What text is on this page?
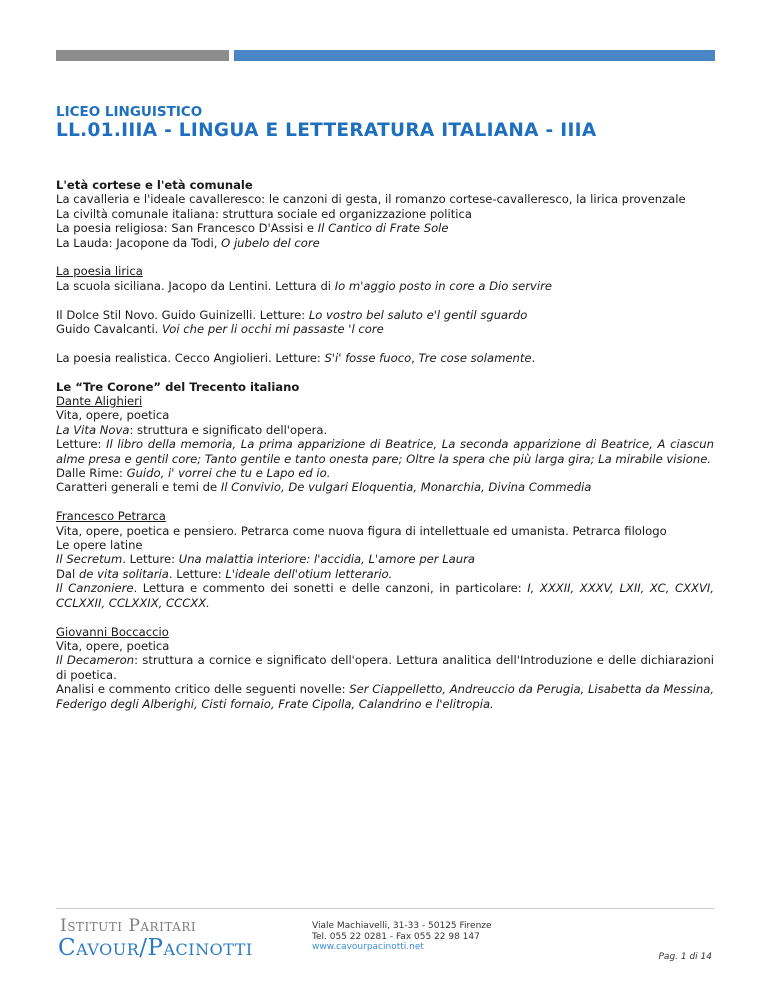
LICEO LINGUISTICO
LL.01.IIIA - LINGUA E LETTERATURA ITALIANA - IIIA

L'età cortese e l'età comunale

La cavalleria e l'ideale cavalleresco: le canzoni di gesta, il romanzo cortese-cavalleresco, la lirica provenzale

La civiltà comunale italiana: struttura sociale ed organizzazione politica

La poesia religiosa: San Francesco D'Assisi e Il Cantico di Frate Sole

La Lauda: Jacopone da Todi, O jubelo del core

La poesia lirica

La scuola siciliana. Jacopo da Lentini. Lettura di Io m'aggio posto in core a Dio servire

Il Dolce Stil Novo. Guido Guinizelli. Letture: Lo vostro bel saluto e'l gentil sguardo

Guido Cavalcanti. Voi che per li occhi mi passaste 'l core

La poesia realistica. Cecco Angiolieri. Letture: S'i' fosse fuoco, Tre cose solamente.

Le “Tre Corone” del Trecento italiano

Dante Alighieri

Vita, opere, poetica

La Vita Nova: struttura e significato dell'opera.

Letture: Il libro della memoria, La prima apparizione di Beatrice, La seconda apparizione di Beatrice, A ciascun alme presa e gentil core; Tanto gentile e tanto onesta pare; Oltre la spera che più larga gira; La mirabile visione.

Dalle Rime: Guido, i' vorrei che tu e Lapo ed io.

Caratteri generali e temi de Il Convivio, De vulgari Eloquentia, Monarchia, Divina Commedia

Francesco Petrarca

Vita, opere, poetica e pensiero. Petrarca come nuova figura di intellettuale ed umanista. Petrarca filologo

Le opere latine

Il Secretum. Letture: Una malattia interiore: l'accidia, L'amore per Laura

Dal de vita solitaria. Letture: L'ideale dell'otium letterario.

Il Canzoniere. Lettura e commento dei sonetti e delle canzoni, in particolare: I, XXXII, XXXV, LXII, XC, CXXVI, CCLXXII, CCLXXIX, CCCXX.

Giovanni Boccaccio

Vita, opere, poetica

Il Decameron: struttura a cornice e significato dell'opera. Lettura analitica dell'Introduzione e delle dichiarazioni di poetica.

Analisi e commento critico delle seguenti novelle: Ser Ciappelletto, Andreuccio da Perugia, Lisabetta da Messina, Federigo degli Alberighi, Cisti fornaio, Frate Cipolla, Calandrino e l'elitropia.

Istituti Paritari
Cavour/Pacinotti
Viale Machiavelli, 31-33 - 50125 Firenze
Tel. 055 22 0281 - Fax 055 22 98 147
www.cavourpacinotti.net
Pag. 1 di 14
